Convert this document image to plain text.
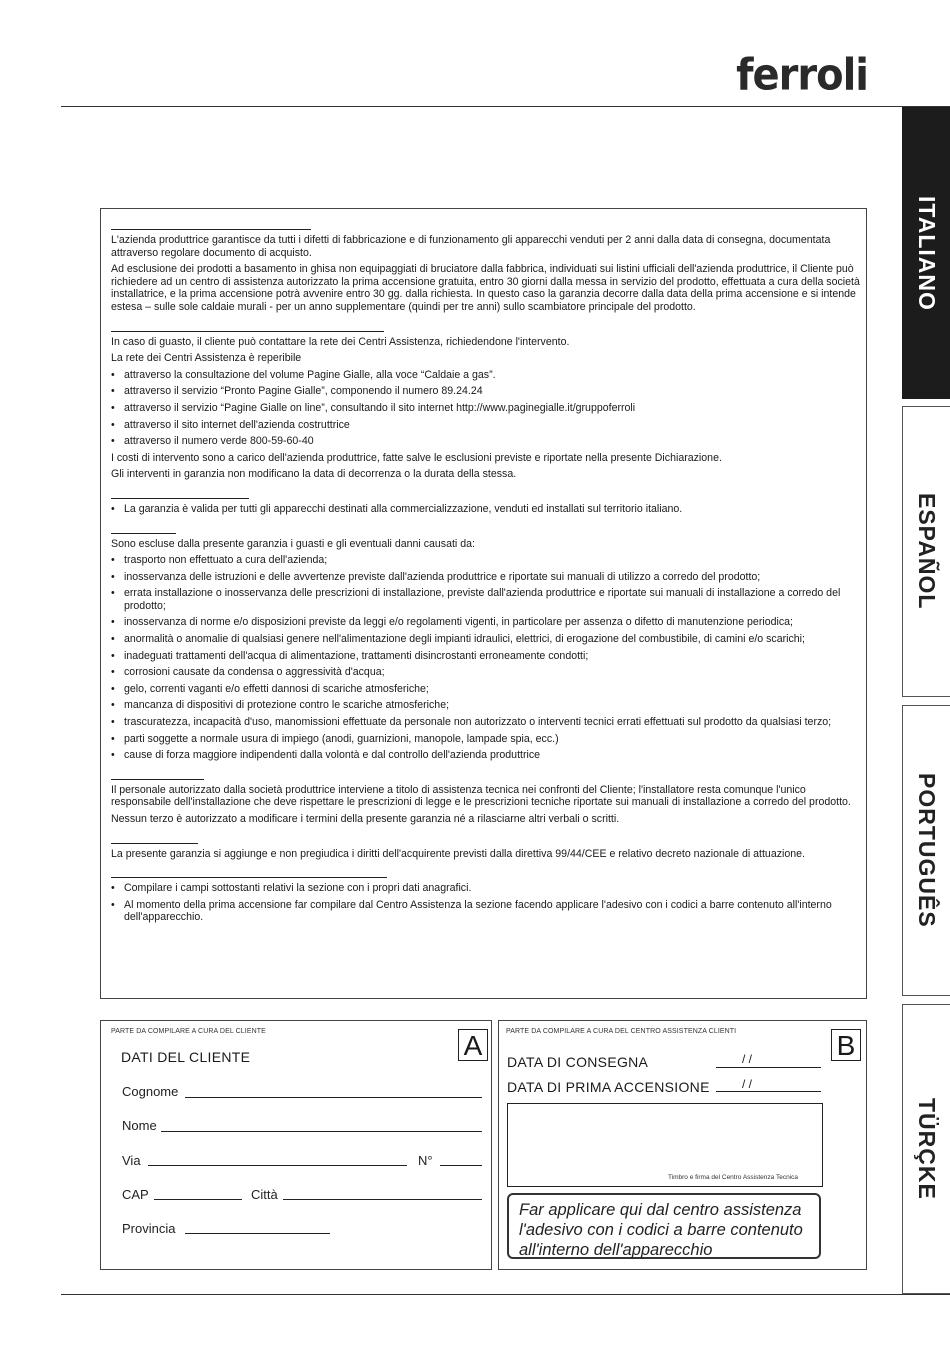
ferroli
ITALIANO
ESPAÑOL
PORTUGUÊS
TÜRÇKE

L'azienda produttrice garantisce da tutti i difetti di fabbricazione e di funzionamento gli apparecchi venduti per 2 anni dalla data di consegna, documentata attraverso regolare documento di acquisto.

Ad esclusione dei prodotti a basamento in ghisa non equipaggiati di bruciatore dalla fabbrica, individuati sui listini ufficiali dell'azienda produttrice, il Cliente può richiedere ad un centro di assistenza autorizzato la prima accensione gratuita, entro 30 giorni dalla messa in servizio del prodotto, effettuata a cura della società installatrice, e la prima accensione potrà avvenire entro 30 gg. dalla richiesta. In questo caso la garanzia decorre dalla data della prima accensione e si intende estesa – sulle sole caldaie murali - per un anno supplementare (quindi per tre anni) sullo scambiatore principale del prodotto.

In caso di guasto, il cliente può contattare la rete dei Centri Assistenza, richiedendone l'intervento.

La rete dei Centri Assistenza è reperibile

• attraverso la consultazione del volume Pagine Gialle, alla voce “Caldaie a gas”.
• attraverso il servizio “Pronto Pagine Gialle”, componendo il numero 89.24.24
• attraverso il servizio “Pagine Gialle on line”, consultando il sito internet http://www.paginegialle.it/gruppoferroli
• attraverso il sito internet dell'azienda costruttrice
• attraverso il numero verde 800-59-60-40

I costi di intervento sono a carico dell'azienda produttrice, fatte salve le esclusioni previste e riportate nella presente Dichiarazione.

Gli interventi in garanzia non modificano la data di decorrenza o la durata della stessa.

• La garanzia è valida per tutti gli apparecchi destinati alla commercializzazione, venduti ed installati sul territorio italiano.

Sono escluse dalla presente garanzia i guasti e gli eventuali danni causati da:

• trasporto non effettuato a cura dell'azienda;
• inosservanza delle istruzioni e delle avvertenze previste dall'azienda produttrice e riportate sui manuali di utilizzo a corredo del prodotto;
• errata installazione o inosservanza delle prescrizioni di installazione, previste dall'azienda produttrice e riportate sui manuali di installazione a corredo del prodotto;
• inosservanza di norme e/o disposizioni previste da leggi e/o regolamenti vigenti, in particolare per assenza o difetto di manutenzione periodica;
• anormalità o anomalie di qualsiasi genere nell'alimentazione degli impianti idraulici, elettrici, di erogazione del combustibile, di camini e/o scarichi;
• inadeguati trattamenti dell'acqua di alimentazione, trattamenti disincrostanti erroneamente condotti;
• corrosioni causate da condensa o aggressività d'acqua;
• gelo, correnti vaganti e/o effetti dannosi di scariche atmosferiche;
• mancanza di dispositivi di protezione contro le scariche atmosferiche;
• trascuratezza, incapacità d'uso, manomissioni effettuate da personale non autorizzato o interventi tecnici errati effettuati sul prodotto da qualsiasi terzo;
• parti soggette a normale usura di impiego (anodi, guarnizioni, manopole, lampade spia, ecc.)
• cause di forza maggiore indipendenti dalla volontà e dal controllo dell'azienda produttrice

Il personale autorizzato dalla società produttrice interviene a titolo di assistenza tecnica nei confronti del Cliente; l'installatore resta comunque l'unico responsabile dell'installazione che deve rispettare le prescrizioni di legge e le prescrizioni tecniche riportate sui manuali di installazione a corredo del prodotto.

Nessun terzo è autorizzato a modificare i termini della presente garanzia né a rilasciarne altri verbali o scritti.

La presente garanzia si aggiunge e non pregiudica i diritti dell'acquirente previsti dalla direttiva 99/44/CEE e relativo decreto nazionale di attuazione.

• Compilare i campi sottostanti relativi la sezione con i propri dati anagrafici.
• Al momento della prima accensione far compilare dal Centro Assistenza la sezione facendo applicare l'adesivo con i codici a barre contenuto all'interno dell'apparecchio.
PARTE DA COMPILARE A CURA DEL CLIENTE	A
DATI DEL CLIENTE
Cognome
Nome
Via	N°
CAP	Città
Provincia
PARTE DA COMPILARE A CURA DEL CENTRO ASSISTENZA CLIENTI	B
DATA DI CONSEGNA	/ /
DATA DI PRIMA ACCENSIONE	/ /
Timbro e firma del Centro Assistenza Tecnica
Far applicare qui dal centro assistenza l'adesivo con i codici a barre contenuto all'interno dell'apparecchio
